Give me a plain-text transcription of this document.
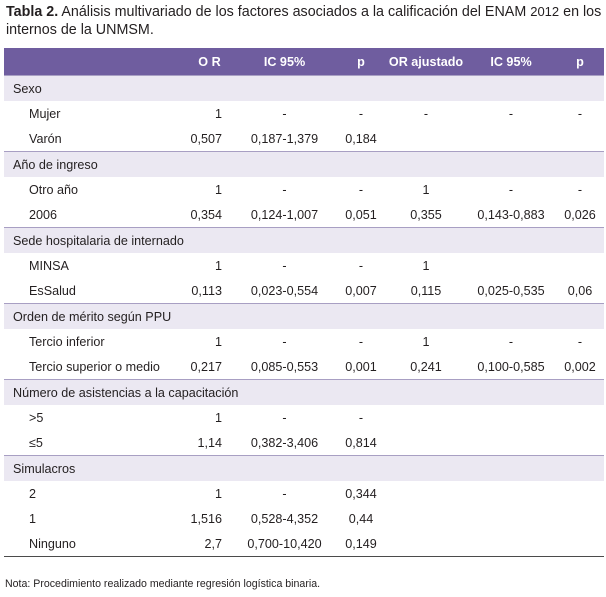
Tabla 2. Análisis multivariado de los factores asociados a la calificación del ENAM 2012 en los internos de la UNMSM.
	O R	IC 95%	p	OR ajustado	IC 95%	p
Sexo						
Mujer	1	-	-	-	-	-
Varón	0,507	0,187-1,379	0,184			
Año de ingreso						
Otro año	1	-	-	1	-	-
2006	0,354	0,124-1,007	0,051	0,355	0,143-0,883	0,026
Sede hospitalaria de internado						
MINSA	1	-	-	1		
EsSalud	0,113	0,023-0,554	0,007	0,115	0,025-0,535	0,06
Orden de mérito según PPU						
Tercio inferior	1	-	-	1	-	-
Tercio superior o medio	0,217	0,085-0,553	0,001	0,241	0,100-0,585	0,002
Número de asistencias a la capacitación						
>5	1	-	-			
≤5	1,14	0,382-3,406	0,814			
Simulacros						
2	1	-	0,344			
1	1,516	0,528-4,352	0,44			
Ninguno	2,7	0,700-10,420	0,149			
Nota: Procedimiento realizado mediante regresión logística binaria.
